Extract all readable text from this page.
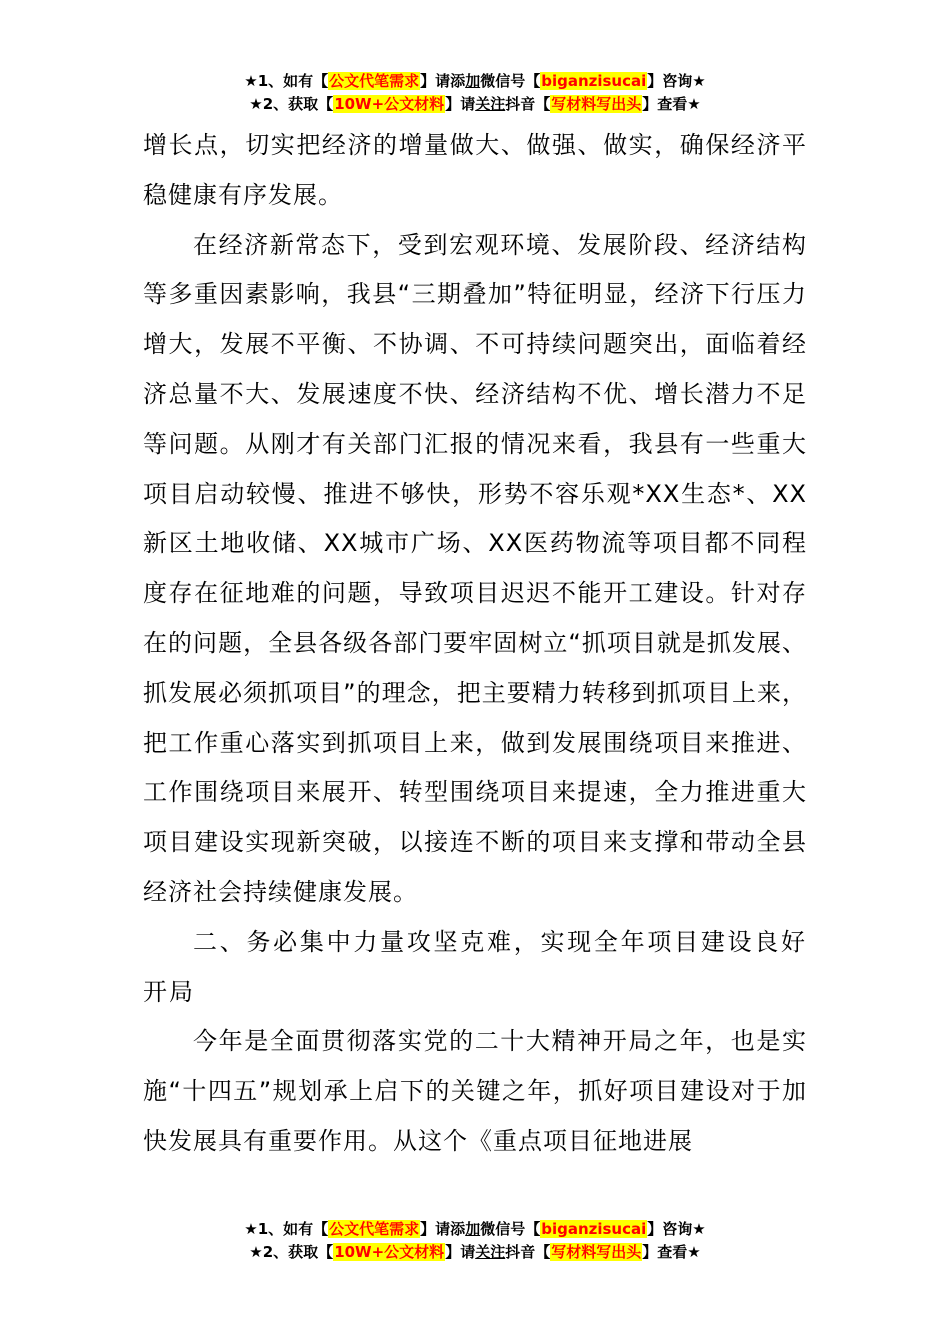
★1、如有【公文代笔需求】请添加微信号【biganzisucai】咨询★
★2、获取【10W+公文材料】请关注抖音【写材料写出头】查看★

增长点，切实把经济的增量做大、做强、做实，确保经济平稳健康有序发展。

在经济新常态下，受到宏观环境、发展阶段、经济结构等多重因素影响，我县“三期叠加”特征明显，经济下行压力增大，发展不平衡、不协调、不可持续问题突出，面临着经济总量不大、发展速度不快、经济结构不优、增长潜力不足等问题。从刚才有关部门汇报的情况来看，我县有一些重大项目启动较慢、推进不够快，形势不容乐观*XX生态*、XX新区土地收储、XX城市广场、XX医药物流等项目都不同程度存在征地难的问题，导致项目迟迟不能开工建设。针对存在的问题，全县各级各部门要牢固树立“抓项目就是抓发展、抓发展必须抓项目”的理念，把主要精力转移到抓项目上来，把工作重心落实到抓项目上来，做到发展围绕项目来推进、工作围绕项目来展开、转型围绕项目来提速，全力推进重大项目建设实现新突破，以接连不断的项目来支撑和带动全县经济社会持续健康发展。

二、务必集中力量攻坚克难，实现全年项目建设良好开局

今年是全面贯彻落实党的二十大精神开局之年，也是实施“十四五”规划承上启下的关键之年，抓好项目建设对于加快发展具有重要作用。从这个《重点项目征地进展

★1、如有【公文代笔需求】请添加微信号【biganzisucai】咨询★
★2、获取【10W+公文材料】请关注抖音【写材料写出头】查看★
